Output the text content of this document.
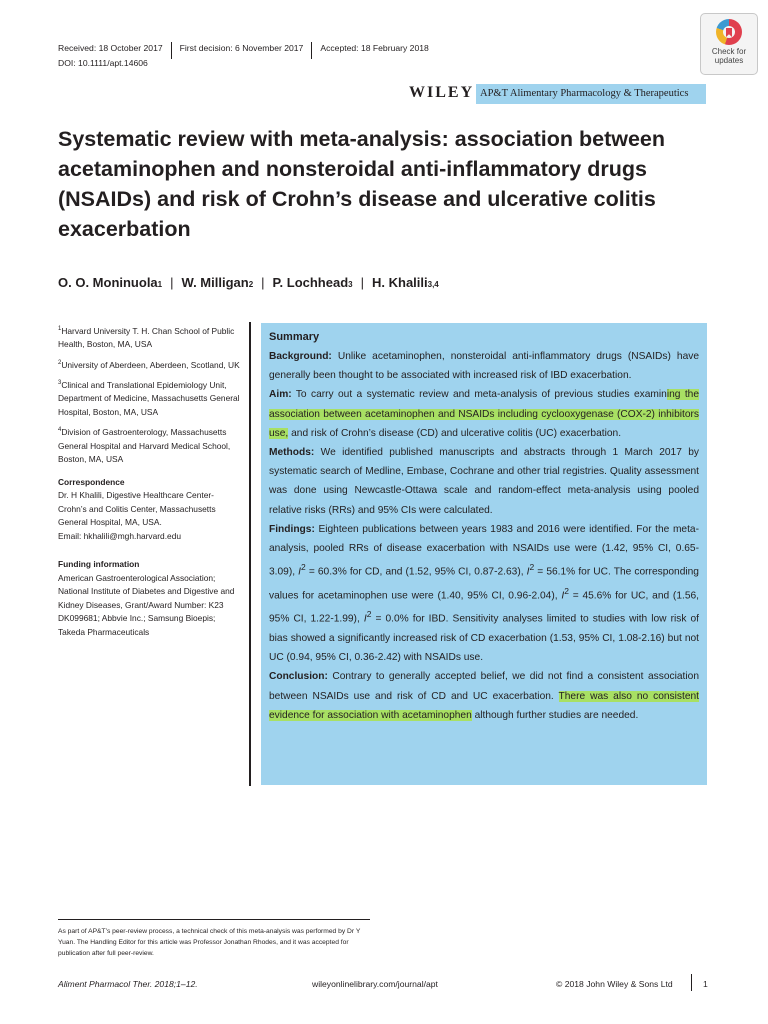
Received: 18 October 2017 First decision: 6 November 2017 Accepted: 18 February 2018
DOI: 10.1111/apt.14606
Check for
updates
WILEY AP&T Alimentary Pharmacology & Therapeutics
Systematic review with meta-analysis: association between acetaminophen and nonsteroidal anti-inflammatory drugs (NSAIDs) and risk of Crohn’s disease and ulcerative colitis exacerbation
O. O. Moninuola 1 | W. Milligan 2 | P. Lochhead 3 | H. Khalili 3,4

$^1$Harvard University T. H. Chan School of Public Health, Boston, MA, USA

$^2$University of Aberdeen, Aberdeen, Scotland, UK

$^3$Clinical and Translational Epidemiology Unit, Department of Medicine, Massachusetts General Hospital, Boston, MA, USA

$^4$Division of Gastroenterology, Massachusetts General Hospital and Harvard Medical School, Boston, MA, USA

Correspondence
Dr. H Khalili, Digestive Healthcare Center-Crohn’s and Colitis Center, Massachusetts General Hospital, MA, USA.
Email: hkhalili@mgh.harvard.edu
Funding information
American Gastroenterological Association; National Institute of Diabetes and Digestive and Kidney Diseases, Grant/Award Number: K23 DK099681; Abbvie Inc.; Samsung Bioepis; Takeda Pharmaceuticals
Summary

Background: Unlike acetaminophen, nonsteroidal anti-inflammatory drugs (NSAIDs) have generally been thought to be associated with increased risk of IBD exacerbation.
Aim: To carry out a systematic review and meta-analysis of previous studies examining the association between acetaminophen and NSAIDs including cyclooxygenase (COX-2) inhibitors use, and risk of Crohn’s disease (CD) and ulcerative colitis (UC) exacerbation.
Methods: We identified published manuscripts and abstracts through 1 March 2017 by systematic search of Medline, Embase, Cochrane and other trial registries. Quality assessment was done using Newcastle-Ottawa scale and random-effect meta-analysis using pooled relative risks (RRs) and 95% CIs were calculated.
Findings: Eighteen publications between years 1983 and 2016 were identified. For the meta-analysis, pooled RRs of disease exacerbation with NSAIDs use were (1.42, 95% CI, 0.65-3.09), $I^2 = 60.3\%$ for CD, and (1.52, 95% CI, 0.87-2.63), $I^2 = 56.1\%$ for UC. The corresponding values for acetaminophen use were (1.40, 95% CI, 0.96-2.04), $I^2 = 45.6\%$ for UC, and (1.56, 95% CI, 1.22-1.99), $I^2 = 0.0\%$ for IBD. Sensitivity analyses limited to studies with low risk of bias showed a significantly increased risk of CD exacerbation (1.53, 95% CI, 1.08-2.16) but not UC (0.94, 95% CI, 0.36-2.42) with NSAIDs use.
Conclusion: Contrary to generally accepted belief, we did not find a consistent association between NSAIDs use and risk of CD and UC exacerbation. There was also no consistent evidence for association with acetaminophen although further studies are needed.

As part of AP&T’s peer-review process, a technical check of this meta-analysis was performed by Dr Y Yuan. The Handling Editor for this article was Professor Jonathan Rhodes, and it was accepted for publication after full peer-review.
Aliment Pharmacol Ther. 2018;1–12.	wileyonlinelibrary.com/journal/apt	© 2018 John Wiley & Sons Ltd	1
